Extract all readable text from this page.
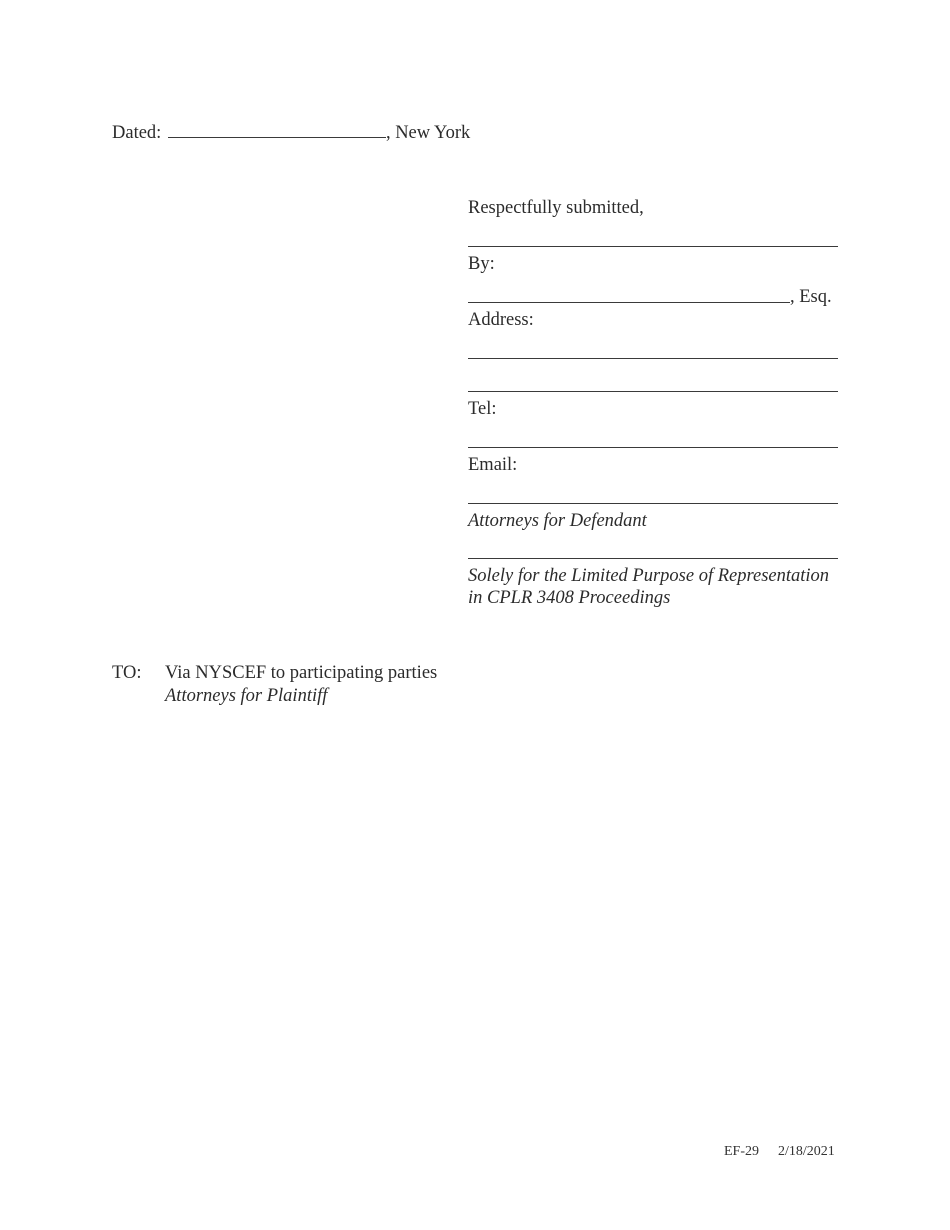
Dated:	, New York
Respectfully submitted,
By:
, Esq.
Address:
Tel:
Email:
Attorneys for Defendant
Solely for the Limited Purpose of Representation
in CPLR 3408 Proceedings
TO: Via NYSCEF to participating parties
Attorneys for Plaintiff
EF-29 2/18/2021
